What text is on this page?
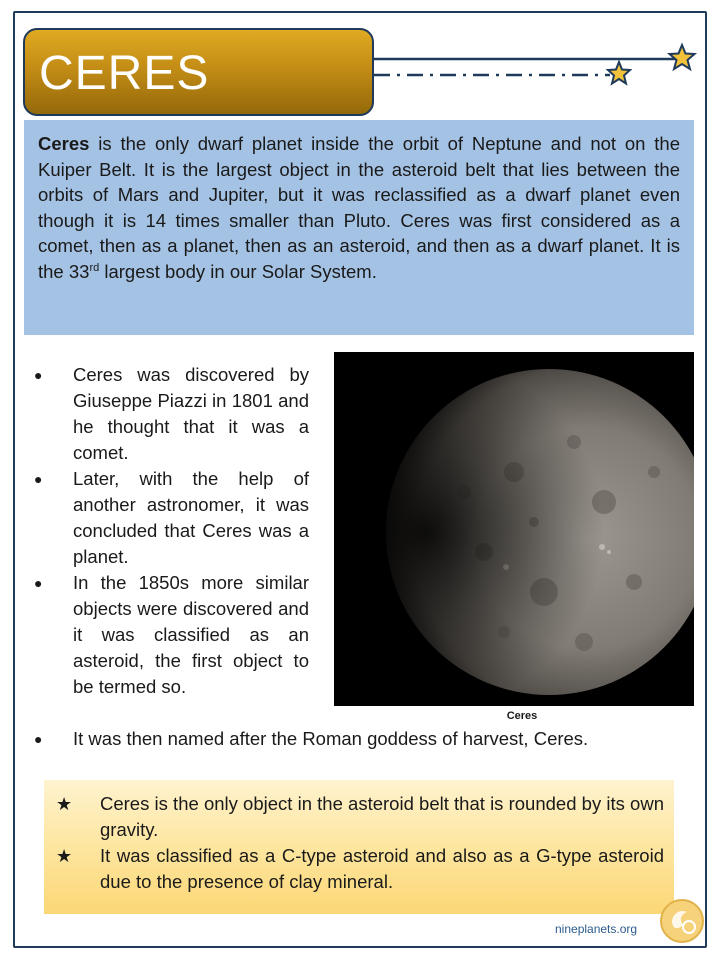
CERES
Ceres is the only dwarf planet inside the orbit of Neptune and not on the Kuiper Belt. It is the largest object in the asteroid belt that lies between the orbits of Mars and Jupiter, but it was reclassified as a dwarf planet even though it is 14 times smaller than Pluto. Ceres was first considered as a comet, then as a planet, then as an asteroid, and then as a dwarf planet. It is the 33rd largest body in our Solar System.
● Ceres was discovered by Giuseppe Piazzi in 1801 and he thought that it was a comet.
● Later, with the help of another astronomer, it was concluded that Ceres was a planet.
● In the 1850s more similar objects were discovered and it was classified as an asteroid, the first object to be termed so.
● It was then named after the Roman goddess of harvest, Ceres.
Ceres
★ Ceres is the only object in the asteroid belt that is rounded by its own gravity.
★ It was classified as a C-type asteroid and also as a G-type asteroid due to the presence of clay mineral.
nineplanets.org
